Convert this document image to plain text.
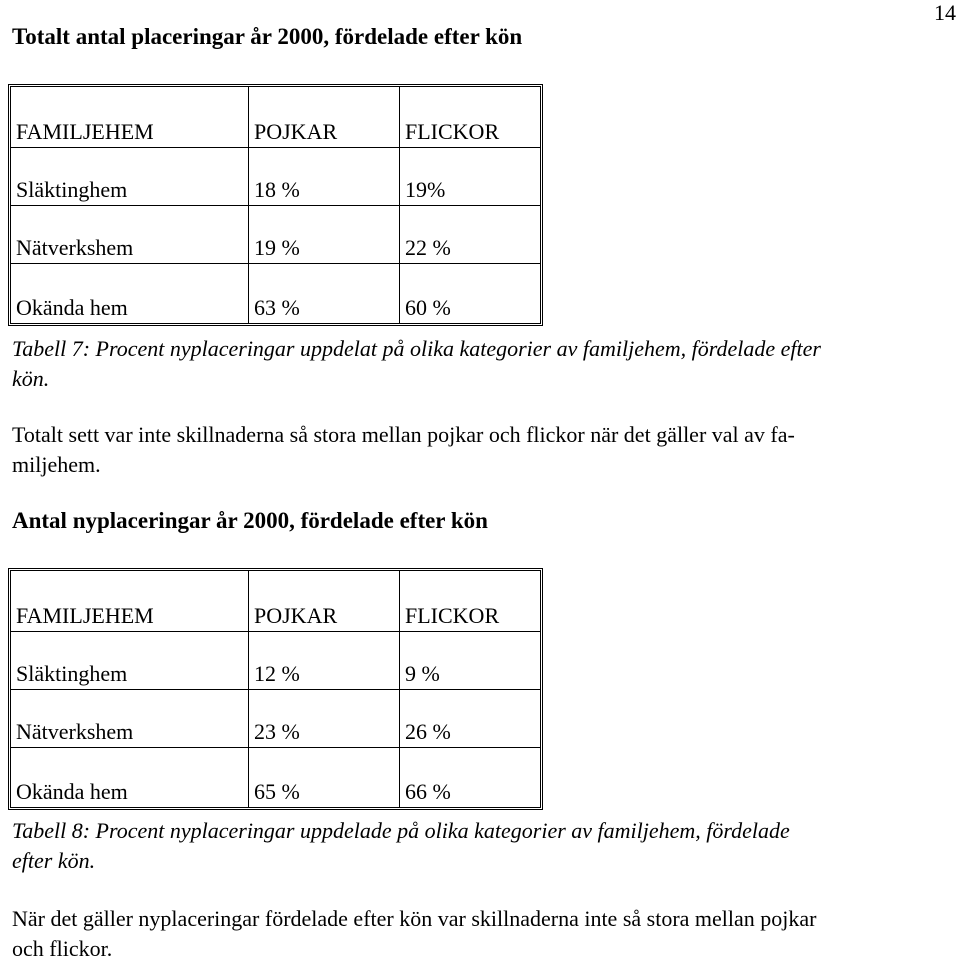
14
Totalt antal placeringar år 2000, fördelade efter kön
FAMILJEHEM	POJKAR	FLICKOR
Släktinghem	18 %	19%
Nätverkshem	19 %	22 %
Okända hem	63 %	60 %
Tabell 7: Procent nyplaceringar uppdelat på olika kategorier av familjehem, fördelade efter
kön.
Totalt sett var inte skillnaderna så stora mellan pojkar och flickor när det gäller val av fa-
miljehem.
Antal nyplaceringar år 2000, fördelade efter kön
FAMILJEHEM	POJKAR	FLICKOR
Släktinghem	12 %	9 %
Nätverkshem	23 %	26 %
Okända hem	65 %	66 %
Tabell 8: Procent nyplaceringar uppdelade på olika kategorier av familjehem, fördelade
efter kön.
När det gäller nyplaceringar fördelade efter kön var skillnaderna inte så stora mellan pojkar
och flickor.
